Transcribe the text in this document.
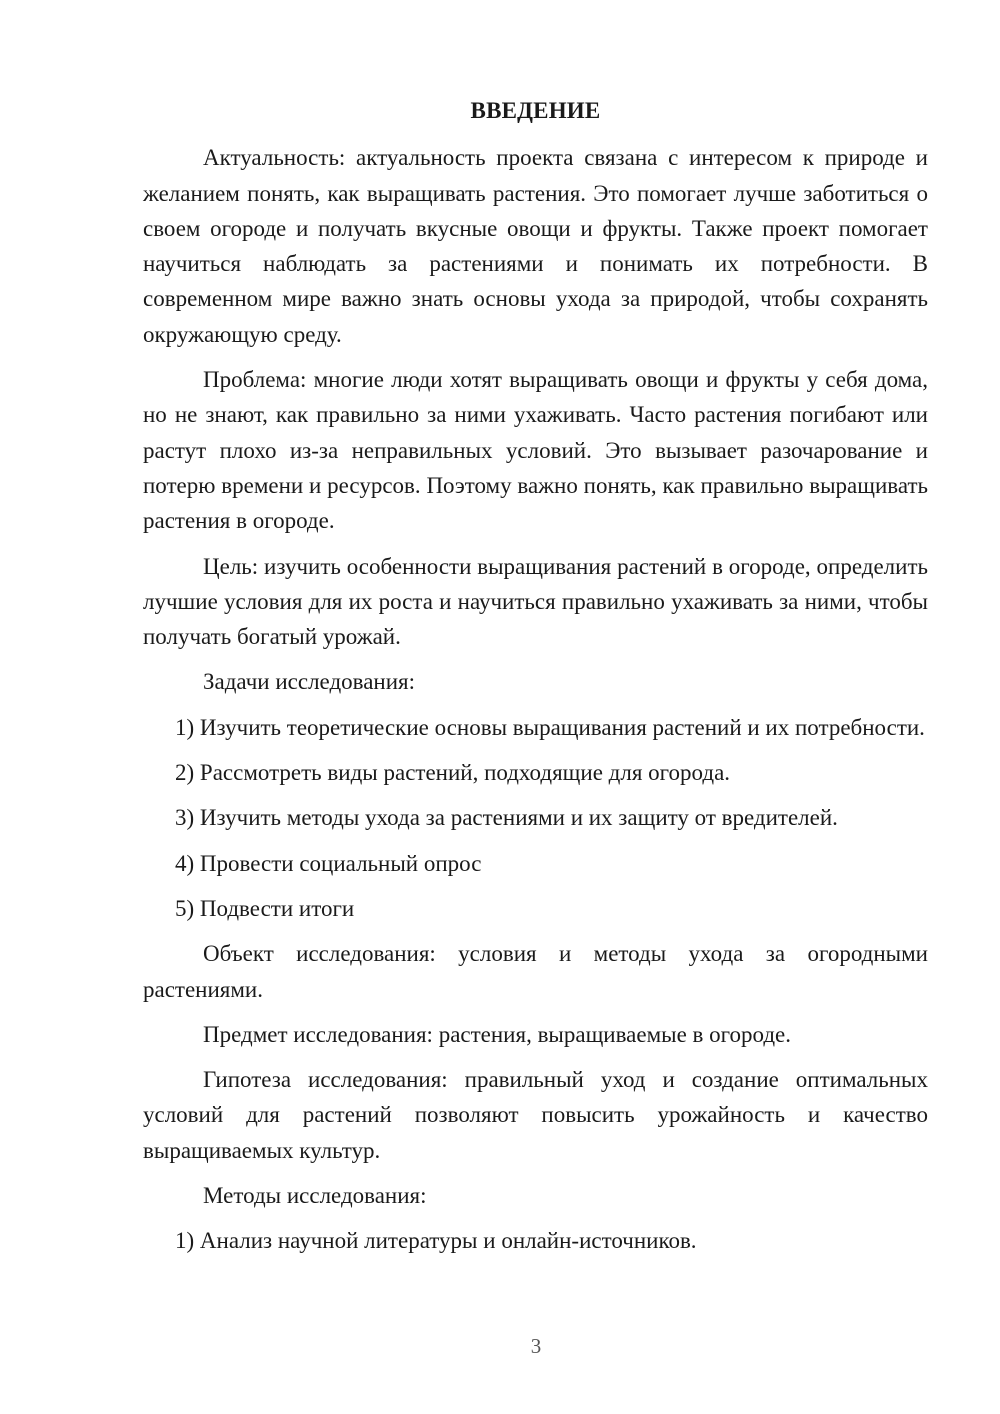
ВВЕДЕНИЕ

Актуальность: актуальность проекта связана с интересом к природе и желанием понять, как выращивать растения. Это помогает лучше заботиться о своем огороде и получать вкусные овощи и фрукты. Также проект помогает научиться наблюдать за растениями и понимать их потребности. В современном мире важно знать основы ухода за природой, чтобы сохранять окружающую среду.

Проблема: многие люди хотят выращивать овощи и фрукты у себя дома, но не знают, как правильно за ними ухаживать. Часто растения погибают или растут плохо из-за неправильных условий. Это вызывает разочарование и потерю времени и ресурсов. Поэтому важно понять, как правильно выращивать растения в огороде.

Цель: изучить особенности выращивания растений в огороде, определить лучшие условия для их роста и научиться правильно ухаживать за ними, чтобы получать богатый урожай.

Задачи исследования:

1) Изучить теоретические основы выращивания растений и их потребности.

2) Рассмотреть виды растений, подходящие для огорода.

3) Изучить методы ухода за растениями и их защиту от вредителей.

4) Провести социальный опрос

5) Подвести итоги

Объект исследования: условия и методы ухода за огородными растениями.

Предмет исследования: растения, выращиваемые в огороде.

Гипотеза исследования: правильный уход и создание оптимальных условий для растений позволяют повысить урожайность и качество выращиваемых культур.

Методы исследования:

1) Анализ научной литературы и онлайн-источников.

3
